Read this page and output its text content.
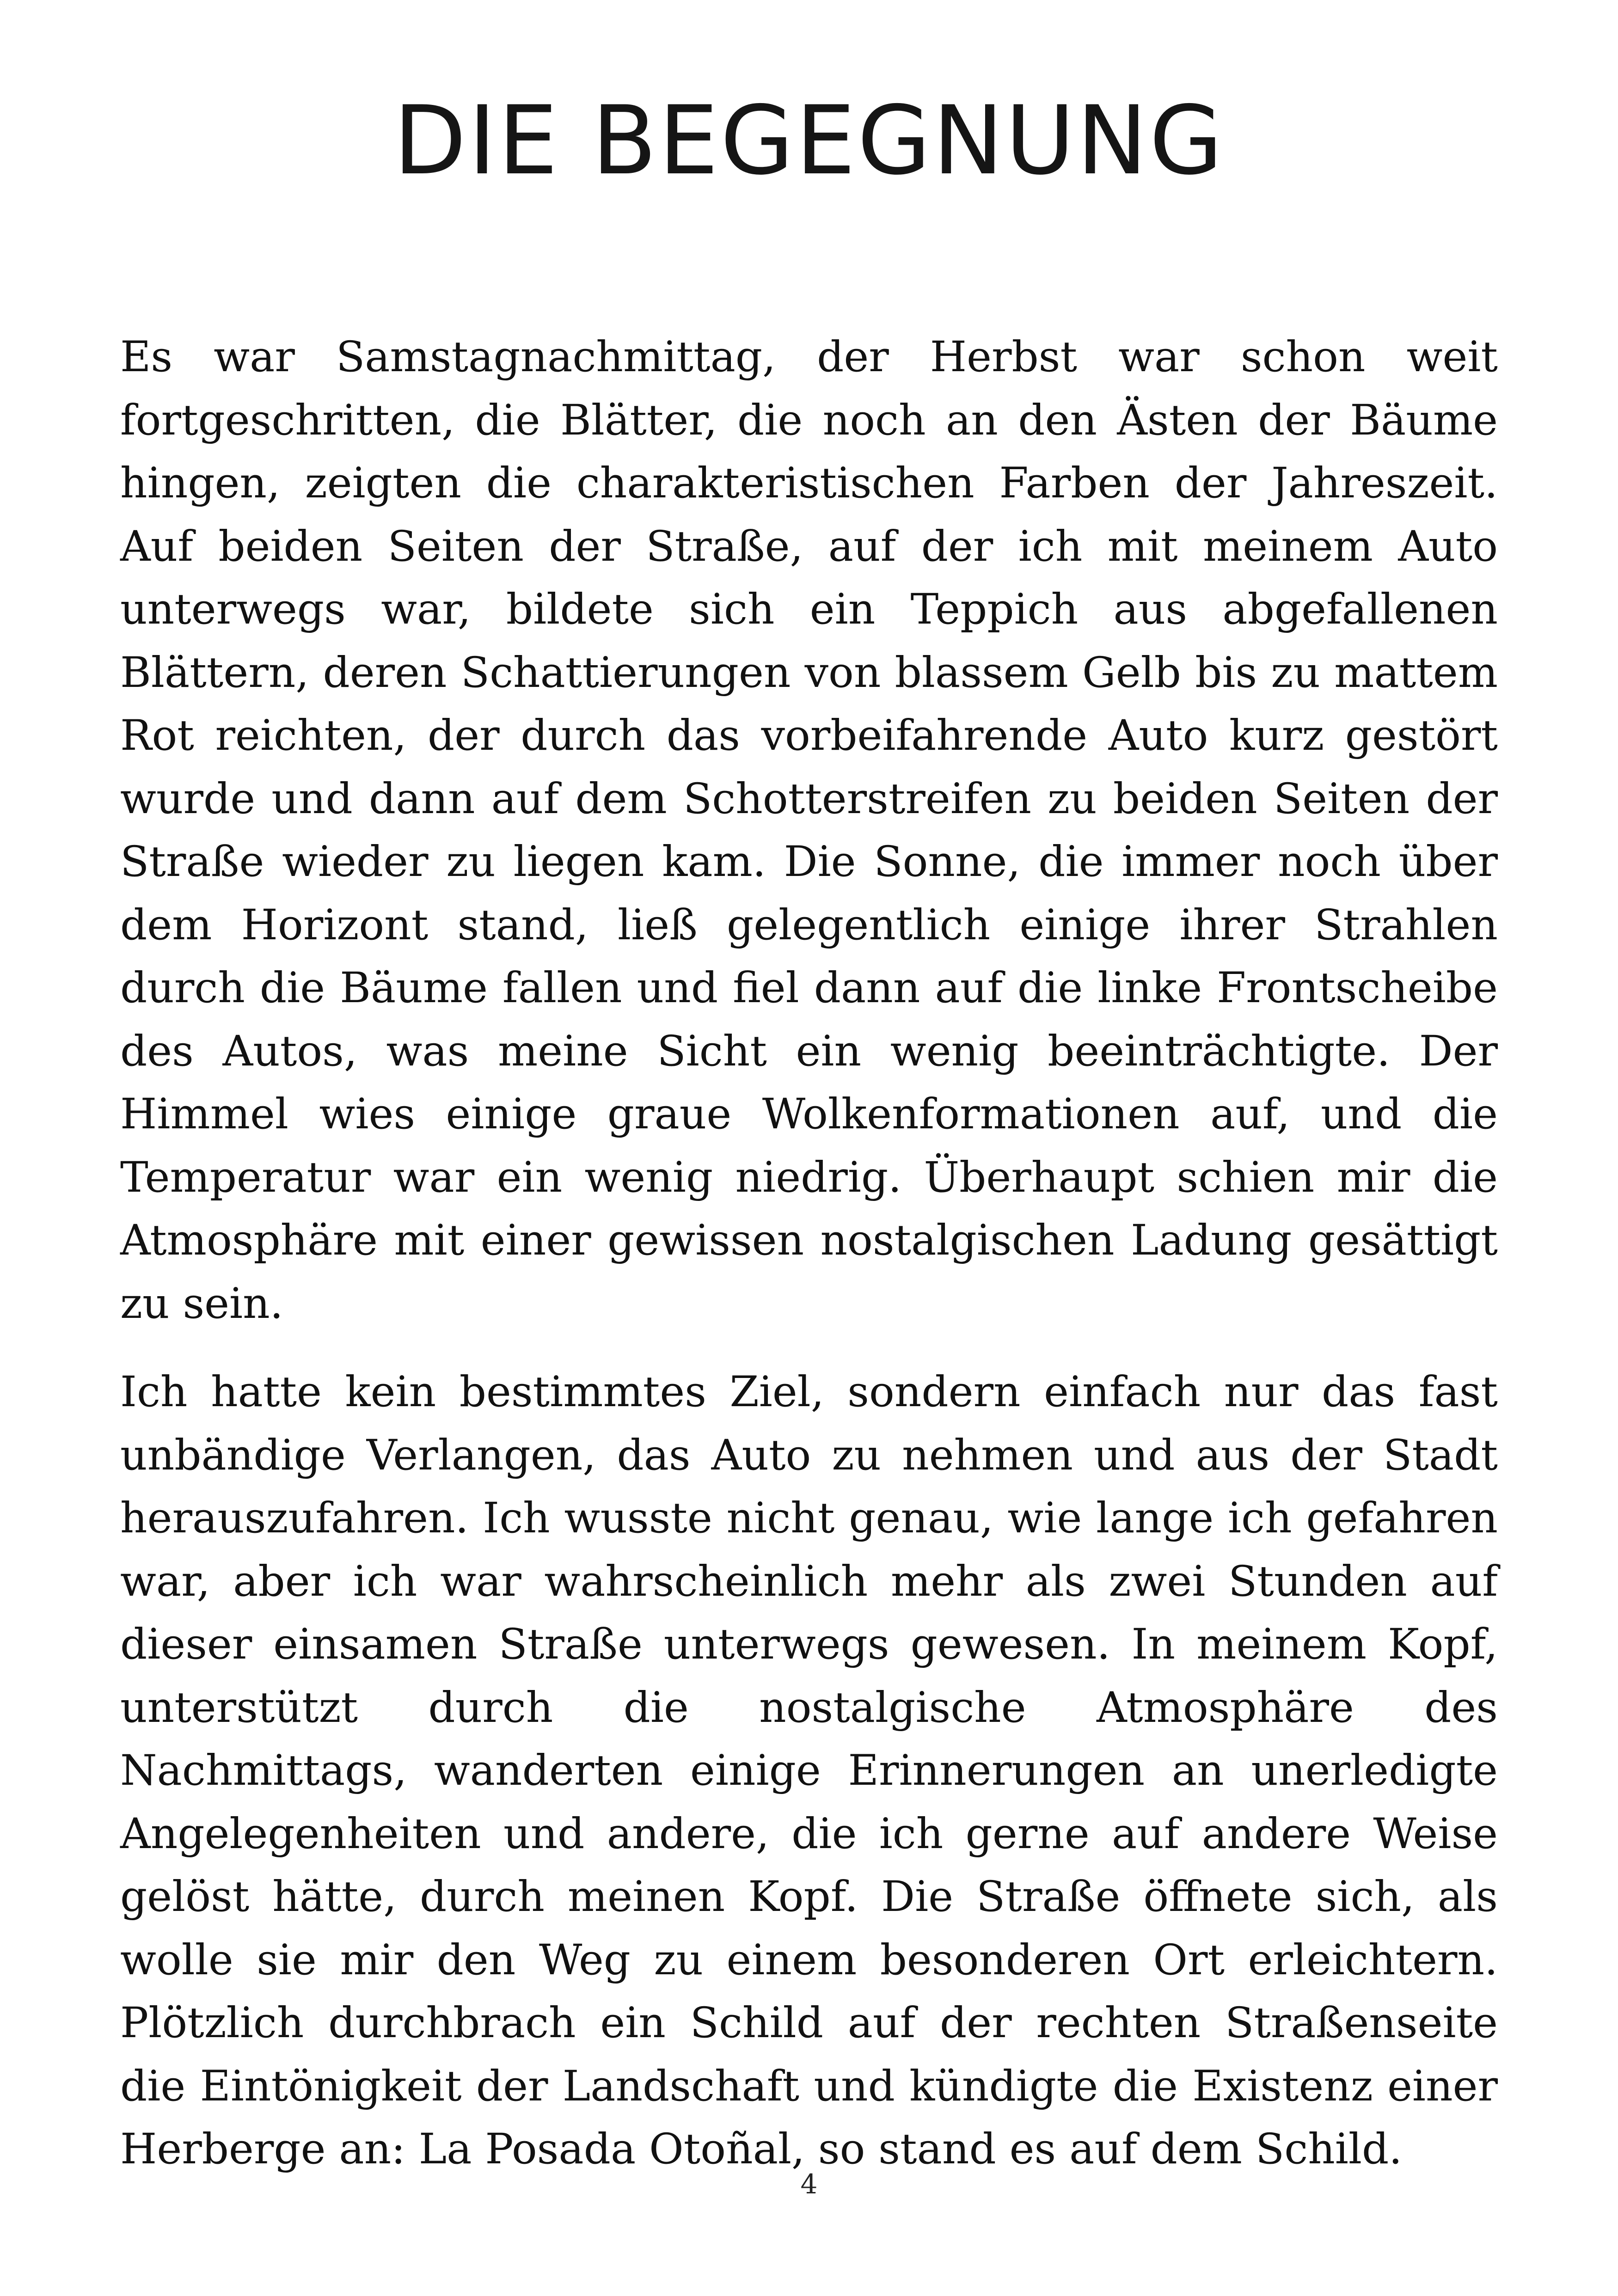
DIE BEGEGNUNG

Es war Samstagnachmittag, der Herbst war schon weit fortgeschritten, die Blätter, die noch an den Ästen der Bäume hingen, zeigten die charakteristischen Farben der Jahreszeit. Auf beiden Seiten der Straße, auf der ich mit meinem Auto unterwegs war, bildete sich ein Teppich aus abgefallenen Blättern, deren Schattierungen von blassem Gelb bis zu mattem Rot reichten, der durch das vorbeifahrende Auto kurz gestört wurde und dann auf dem Schotterstreifen zu beiden Seiten der Straße wieder zu liegen kam. Die Sonne, die immer noch über dem Horizont stand, ließ gelegentlich einige ihrer Strahlen durch die Bäume fallen und fiel dann auf die linke Frontscheibe des Autos, was meine Sicht ein wenig beeinträchtigte. Der Himmel wies einige graue Wolkenformationen auf, und die Temperatur war ein wenig niedrig. Überhaupt schien mir die Atmosphäre mit einer gewissen nostalgischen Ladung gesättigt zu sein.

Ich hatte kein bestimmtes Ziel, sondern einfach nur das fast unbändige Verlangen, das Auto zu nehmen und aus der Stadt herauszufahren. Ich wusste nicht genau, wie lange ich gefahren war, aber ich war wahrscheinlich mehr als zwei Stunden auf dieser einsamen Straße unterwegs gewesen. In meinem Kopf, unterstützt durch die nostalgische Atmosphäre des Nachmittags, wanderten einige Erinnerungen an unerledigte Angelegenheiten und andere, die ich gerne auf andere Weise gelöst hätte, durch meinen Kopf. Die Straße öffnete sich, als wolle sie mir den Weg zu einem besonderen Ort erleichtern. Plötzlich durchbrach ein Schild auf der rechten Straßenseite die Eintönigkeit der Landschaft und kündigte die Existenz einer Herberge an: La Posada Otoñal, so stand es auf dem Schild.

4
